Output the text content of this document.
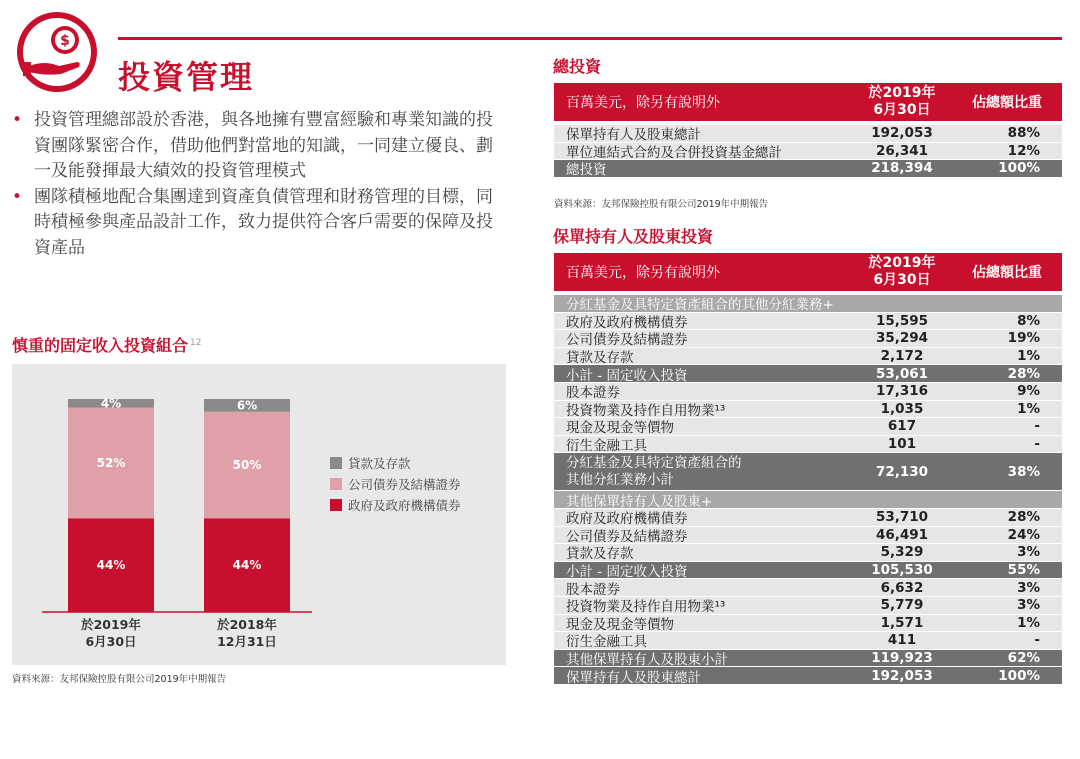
$
投資管理
• 投資管理總部設於香港，與各地擁有豐富經驗和專業知識的投資團隊緊密合作，借助他們對當地的知識，一同建立優良、劃一及能發揮最大績效的投資管理模式
• 團隊積極地配合集團達到資產負債管理和財務管理的目標，同時積極參與產品設計工作，致力提供符合客戶需要的保障及投資產品
慎重的固定收入投資組合 $^{12}$
44%
52%
4%
於2019年
6月30日
44%
50%
6%
於2018年
12月31日
貸款及存款
公司債券及結構證券
政府及政府機構債券
資料來源：友邦保險控股有限公司2019年中期報告
總投資
百萬美元，除另有說明外
於2019年
6月30日	佔總額比重
保單持有人及股東總計	192,053	88%
單位連結式合約及合併投資基金總計	26,341	12%
總投資	218,394	100%
資料來源：友邦保險控股有限公司2019年中期報告
保單持有人及股東投資
百萬美元，除另有說明外
於2019年
6月30日	佔總額比重
分紅基金及具特定資產組合的其他分紅業務+
政府及政府機構債券	15,595	8%
公司債券及結構證券	35,294	19%
貸款及存款	2,172	1%
小計 - 固定收入投資	53,061	28%
股本證券	17,316	9%
投資物業及持作自用物業¹³	1,035	1%
現金及現金等價物	617	-
衍生金融工具	101	-
分紅基金及具特定資產組合的
其他分紅業務小計	72,130	38%
其他保單持有人及股東+
政府及政府機構債券	53,710	28%
公司債券及結構證券	46,491	24%
貸款及存款	5,329	3%
小計 - 固定收入投資	105,530	55%
股本證券	6,632	3%
投資物業及持作自用物業¹³	5,779	3%
現金及現金等價物	1,571	1%
衍生金融工具	411	-
其他保單持有人及股東小計	119,923	62%
保單持有人及股東總計	192,053	100%
